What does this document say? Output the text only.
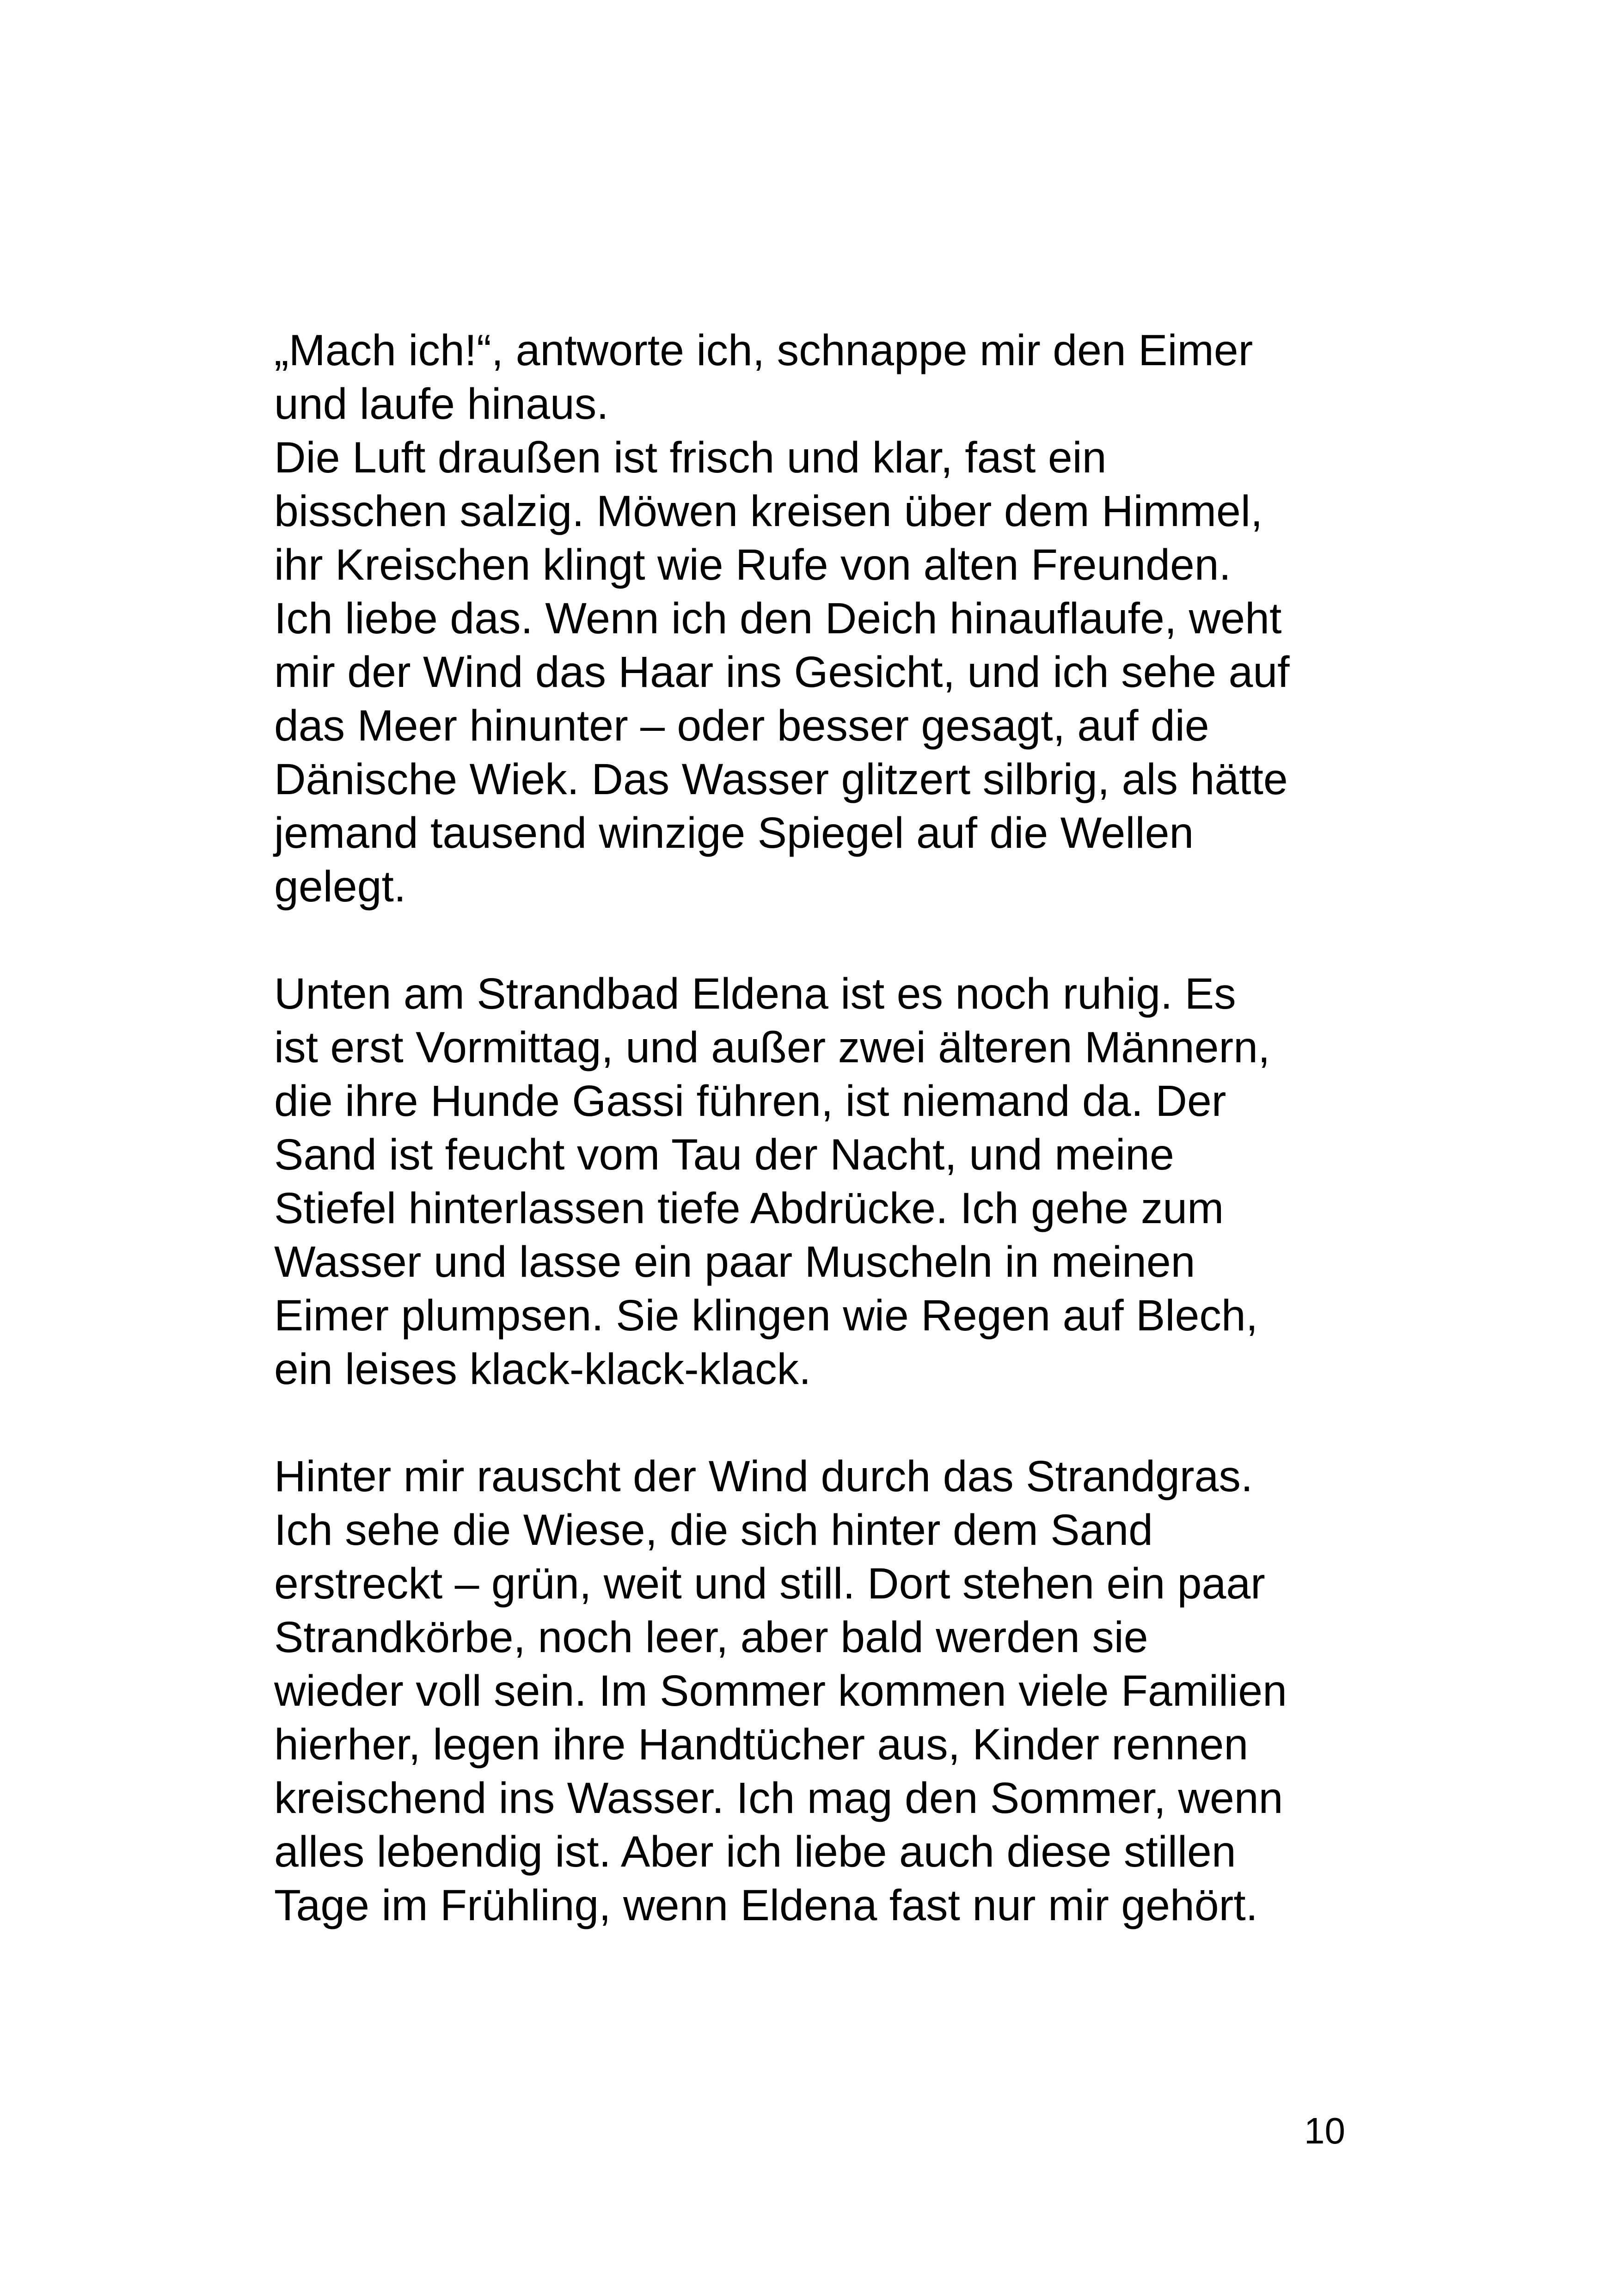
„Mach ich!“, antworte ich, schnappe mir den Eimer
und laufe hinaus.
Die Luft draußen ist frisch und klar, fast ein
bisschen salzig. Möwen kreisen über dem Himmel,
ihr Kreischen klingt wie Rufe von alten Freunden.
Ich liebe das. Wenn ich den Deich hinauflaufe, weht
mir der Wind das Haar ins Gesicht, und ich sehe auf
das Meer hinunter – oder besser gesagt, auf die
Dänische Wiek. Das Wasser glitzert silbrig, als hätte
jemand tausend winzige Spiegel auf die Wellen
gelegt.

Unten am Strandbad Eldena ist es noch ruhig. Es
ist erst Vormittag, und außer zwei älteren Männern,
die ihre Hunde Gassi führen, ist niemand da. Der
Sand ist feucht vom Tau der Nacht, und meine
Stiefel hinterlassen tiefe Abdrücke. Ich gehe zum
Wasser und lasse ein paar Muscheln in meinen
Eimer plumpsen. Sie klingen wie Regen auf Blech,
ein leises klack-klack-klack.

Hinter mir rauscht der Wind durch das Strandgras.
Ich sehe die Wiese, die sich hinter dem Sand
erstreckt – grün, weit und still. Dort stehen ein paar
Strandkörbe, noch leer, aber bald werden sie
wieder voll sein. Im Sommer kommen viele Familien
hierher, legen ihre Handtücher aus, Kinder rennen
kreischend ins Wasser. Ich mag den Sommer, wenn
alles lebendig ist. Aber ich liebe auch diese stillen
Tage im Frühling, wenn Eldena fast nur mir gehört.

10
